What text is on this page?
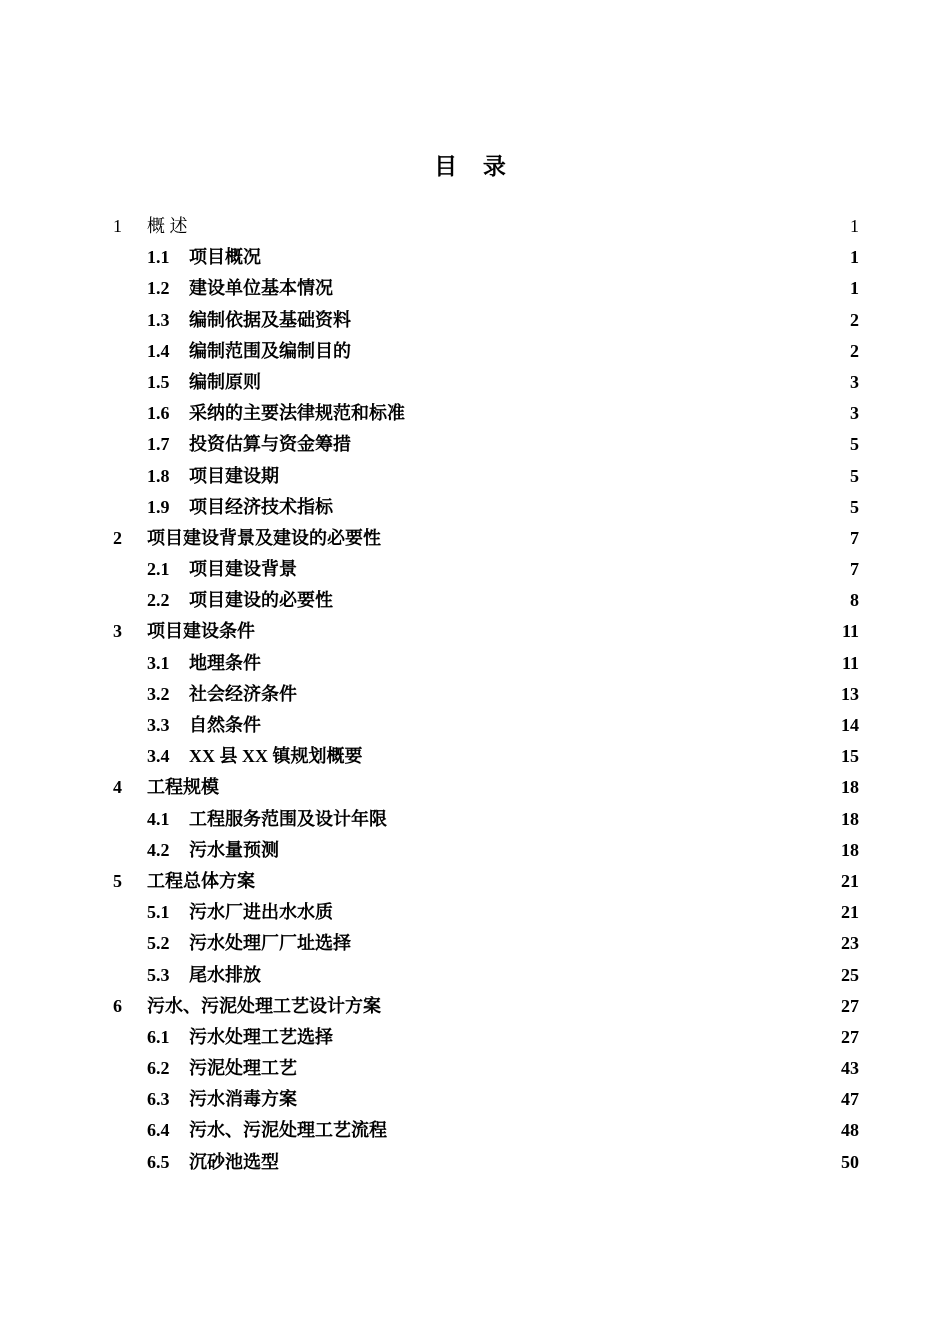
目 录
1 概 述	1
1.1 项目概况	1
1.2 建设单位基本情况	1
1.3 编制依据及基础资料	2
1.4 编制范围及编制目的	2
1.5 编制原则	3
1.6 采纳的主要法律规范和标准	3
1.7 投资估算与资金筹措	5
1.8 项目建设期	5
1.9 项目经济技术指标	5
2 项目建设背景及建设的必要性	7
2.1 项目建设背景	7
2.2 项目建设的必要性	8
3 项目建设条件	11
3.1 地理条件	11
3.2 社会经济条件	13
3.3 自然条件	14
3.4 XX 县 XX 镇规划概要	15
4 工程规模	18
4.1 工程服务范围及设计年限	18
4.2 污水量预测	18
5 工程总体方案	21
5.1 污水厂进出水水质	21
5.2 污水处理厂厂址选择	23
5.3 尾水排放	25
6 污水、污泥处理工艺设计方案	27
6.1 污水处理工艺选择	27
6.2 污泥处理工艺	43
6.3 污水消毒方案	47
6.4 污水、污泥处理工艺流程	48
6.5 沉砂池选型	50
